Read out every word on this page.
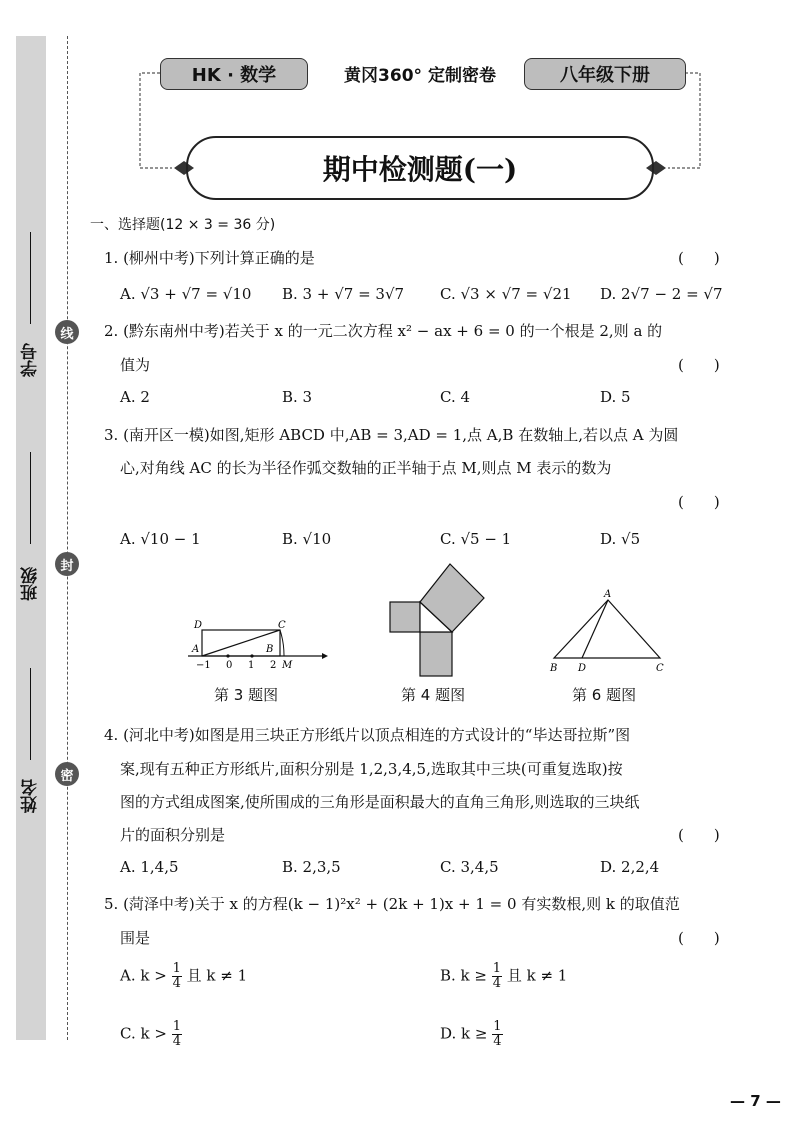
学号
班级
姓名
线
封
密
HK · 数学	黄冈360° 定制密卷	八年级下册
期中检测题(一)
一、选择题(12 × 3 = 36 分)
1. (柳州中考)下列计算正确的是	(　　)
A. √3 + √7 = √10 B. 3 + √7 = 3√7 C. √3 × √7 = √21 D. 2√7 − 2 = √7
2. (黔东南州中考)若关于 x 的一元二次方程 x² − ax + 6 = 0 的一个根是 2,则 a 的
值为	(　　)
A. 2	B. 3	C. 4	D. 5
3. (南开区一模)如图,矩形 ABCD 中,AB = 3,AD = 1,点 A,B 在数轴上,若以点 A 为圆
心,对角线 AC 的长为半径作弧交数轴的正半轴于点 M,则点 M 表示的数为
(　　)
A. √10 − 1	B. √10	C. √5 − 1	D. √5
D	C
A	B
M
−1 0 1 2
第 3 题图	第 4 题图
A
B D	C
第 6 题图
4. (河北中考)如图是用三块正方形纸片以顶点相连的方式设计的“毕达哥拉斯”图
案,现有五种正方形纸片,面积分别是 1,2,3,4,5,选取其中三块(可重复选取)按
图的方式组成图案,使所围成的三角形是面积最大的直角三角形,则选取的三块纸
片的面积分别是	(　　)
A. 1,4,5	B. 2,3,5	C. 3,4,5	D. 2,2,4
5. (菏泽中考)关于 x 的方程(k − 1)²x² + (2k + 1)x + 1 = 0 有实数根,则 k 的取值范
围是	(　　)
A. $k > \frac{1}{4}$ 且 k ≠ 1	B. $k \ge \frac{1}{4}$ 且 k ≠ 1
C. $k > \frac{1}{4}$	D. $k \ge \frac{1}{4}$
— 7 —
